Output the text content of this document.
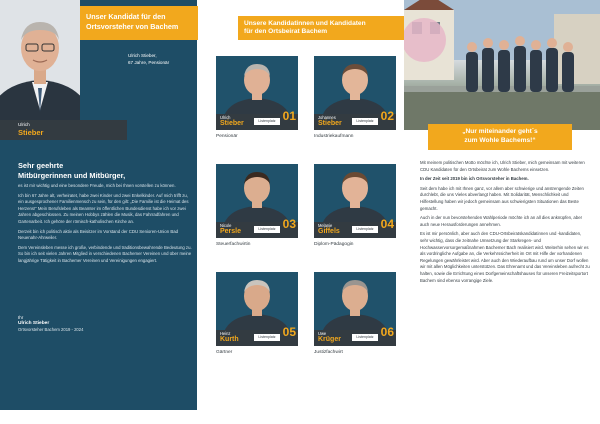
Unser Kandidat für den
Ortsvorsteher von Bachem
Ulrich Stieber,
67 Jahre, Pensionär
Ulrich
Stieber
Sehr geehrte
Mitbürgerinnen und Mitbürger,

es ist mir wichtig und eine besondere Freude, mich bei Ihnen vorstellen zu können.

Ich bin 67 Jahre alt, verheiratet, habe zwei Kinder und zwei Enkelkinder. Auf mich trifft zu, ein ausgesprochener Familienmensch zu sein, für den gilt: „Die Familie ist die Heimat des Herzens!“ Mein Berufsleben als Beamter im öffentlichen Bundesdienst habe ich vor zwei Jahren abgeschlossen. Zu meinen Hobbys zählen die Musik, das Fahrradfahren und Gartenarbeit. Ich gehöre der römisch-katholischen Kirche an.

Derzeit bin ich politisch aktiv als Beisitzer im Vorstand der CDU Senioren-Union Bad Neuenahr-Ahrweiler.

Dem Vereinsleben messe ich große, verbindende und traditionsbewahrende Bedeutung zu. So bin ich seit vielen Jahren Mitglied in verschiedenen Bachemer Vereinen und über meine langjährige Tätigkeit in Bachemer Vereinen und Vereinigungen engagiert.

Ihr
Ulrich Stieber
Ortsvorsteher Bachem 2019 - 2024
Unsere Kandidatinnen und Kandidaten
für den Ortsbeirat Bachem
Ulrich
Stieber	Listenplatz 01
Pensionär
Johannes
Stieber	Listenplatz 02
Industriekaufmann
Nicole
Persle	Listenplatz 03
Steuerfachwirtin
Melanie
Giffels	Listenplatz 04
Diplom-Pädagogin
Heinz
Kurth	Listenplatz 05
Gärtner
Uwe
Krüger	Listenplatz 06
Justizfachwirt
„Nur miteinander geht´s
zum Wohle Bachems!“

Mit meinem politischen Motto möchte ich, Ulrich Stieber, mich gemeinsam mit weiteren CDU Kandidaten für den Ortsbeirat zum Wohle Bachems einsetzen.

In der Zeit seit 2019 bin ich Ortsvorsteher in Bachem.

Seit dem habe ich mit Ihnen ganz, vor allem aber schwierige und anstrengende Zeiten durchlebt, die uns Vieles abverlangt haben. Mit Solidarität, Menschlichkeit und Hilfestellung haben wir jedoch gemeinsam aus schwierigsten Situationen das Beste gemacht.

Auch in der nun bevorstehenden Wahlperiode möchte ich an all dies anknüpfen, aber auch neue Herausforderungen annehmen.

Es ist mir persönlich, aber auch den CDU-Ortsbeiratskandidatinnen und -kandidaten, sehr wichtig, dass die zeitnahe Umsetzung der Starkregen- und Hochwasservorsorgemaßnahmen Bachemer Bach realisiert wird. Weiterhin sehen wir es als vordringliche Aufgabe an, die Verkehrssicherheit im Ort mit Hilfe der vorhandenen Regelungen gewährleistet wird. Aber auch den Wiederaufbau rund um unser Dorf wollen wir mit allen Möglichkeiten unterstützen. Das Ehrenamt und das Vereinsleben aufrecht zu halten, sowie die Errichtung eines Dorfgemeinschaftshauses für unseren Freizeitsportort Bachem sind ebenso vorrangige Ziele.
